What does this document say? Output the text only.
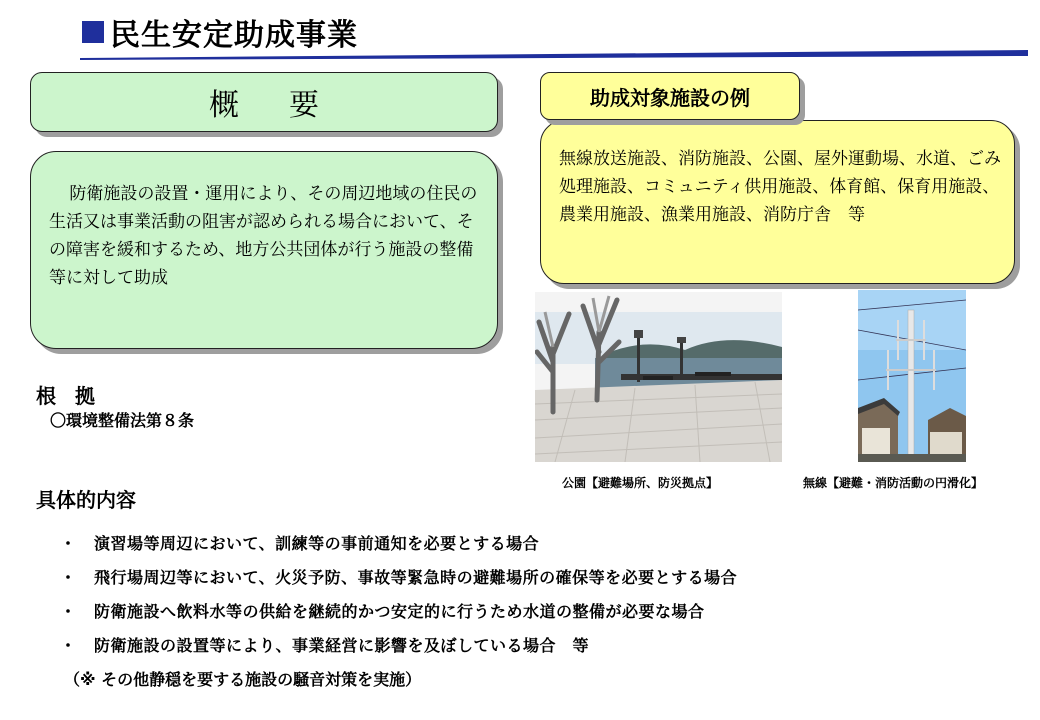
民生安定助成事業
概要

防衛施設の設置・運用により、その周辺地域の住民の生活又は事業活動の阻害が認められる場合において、その障害を緩和するため、地方公共団体が行う施設の整備等に対して助成

助成対象施設の例

無線放送施設、消防施設、公園、屋外運動場、水道、ごみ処理施設、コミュニティ供用施設、体育館、保育用施設、農業用施設、漁業用施設、消防庁舎　等

公園【避難場所、防災拠点】	無線【避難・消防活動の円滑化】
根 拠
〇環境整備法第８条
具体的内容
・	演習場等周辺において、訓練等の事前通知を必要とする場合
・	飛行場周辺等において、火災予防、事故等緊急時の避難場所の確保等を必要とする場合
・	防衛施設へ飲料水等の供給を継続的かつ安定的に行うため水道の整備が必要な場合
・	防衛施設の設置等により、事業経営に影響を及ぼしている場合　等
（※ その他静穏を要する施設の騒音対策を実施）
